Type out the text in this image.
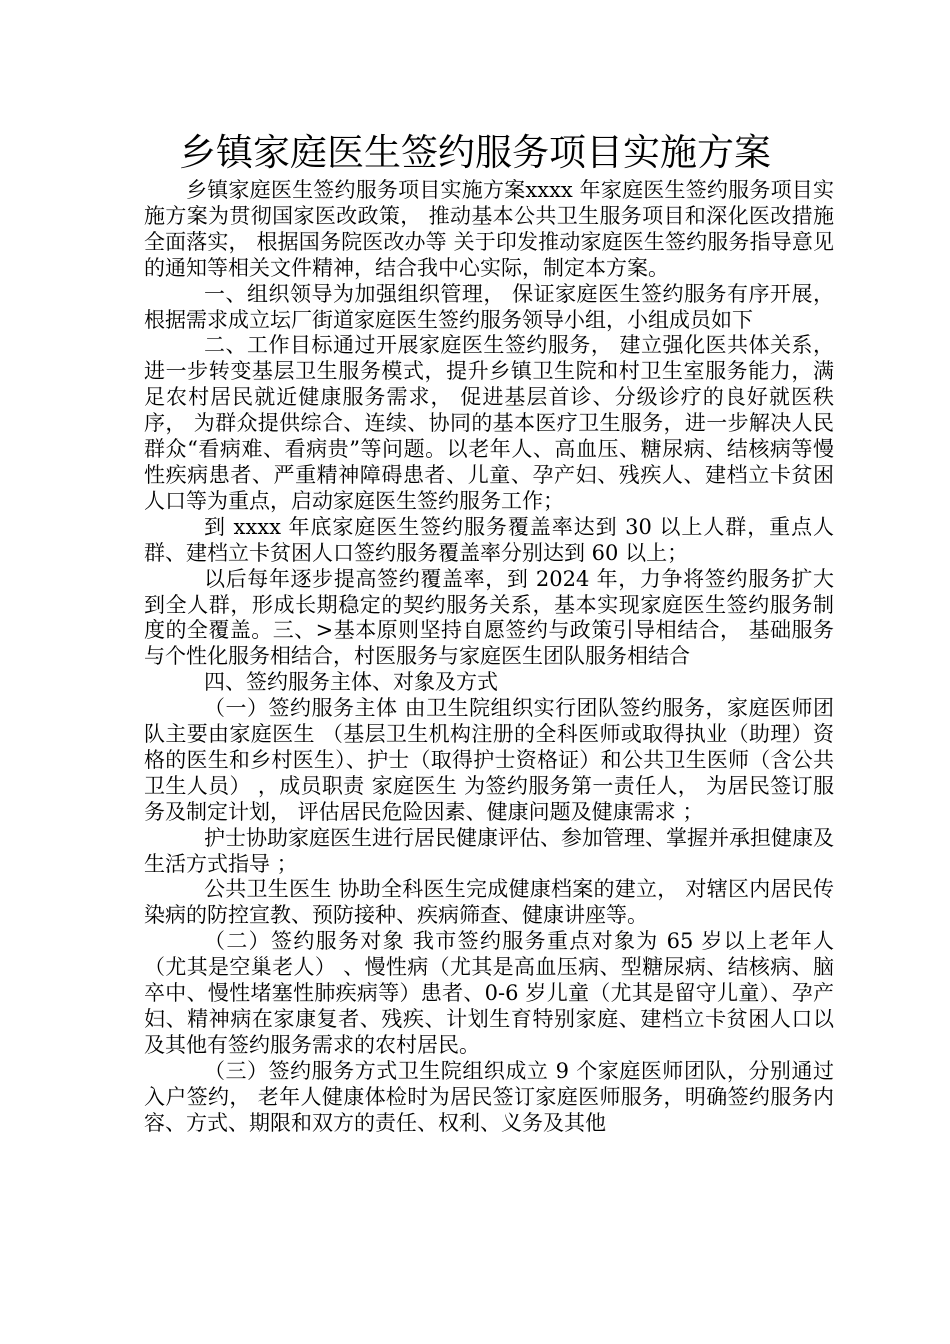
乡镇家庭医生签约服务项目实施方案

乡镇家庭医生签约服务项目实施方案xxxx 年家庭医生签约服务项目实施方案为贯彻国家医改政策， 推动基本公共卫生服务项目和深化医改措施全面落实， 根据国务院医改办等 关于印发推动家庭医生签约服务指导意见的通知等相关文件精神，结合我中心实际，制定本方案。

一、组织领导为加强组织管理， 保证家庭医生签约服务有序开展， 根据需求成立坛厂街道家庭医生签约服务领导小组，小组成员如下

二、工作目标通过开展家庭医生签约服务， 建立强化医共体关系， 进一步转变基层卫生服务模式，提升乡镇卫生院和村卫生室服务能力，满足农村居民就近健康服务需求， 促进基层首诊、分级诊疗的良好就医秩序， 为群众提供综合、连续、协同的基本医疗卫生服务，进一步解决人民群众“看病难、看病贵”等问题。以老年人、高血压、糖尿病、结核病等慢性疾病患者、严重精神障碍患者、儿童、孕产妇、残疾人、建档立卡贫困人口等为重点，启动家庭医生签约服务工作；

到 xxxx 年底家庭医生签约服务覆盖率达到 30 以上人群，重点人群、建档立卡贫困人口签约服务覆盖率分别达到 60 以上；

以后每年逐步提高签约覆盖率，到 2024 年，力争将签约服务扩大到全人群，形成长期稳定的契约服务关系，基本实现家庭医生签约服务制度的全覆盖。三、>基本原则坚持自愿签约与政策引导相结合， 基础服务与个性化服务相结合，村医服务与家庭医生团队服务相结合

四、签约服务主体、对象及方式

（一）签约服务主体 由卫生院组织实行团队签约服务，家庭医师团队主要由家庭医生 （基层卫生机构注册的全科医师或取得执业（助理）资格的医生和乡村医生）、护士（取得护士资格证）和公共卫生医师（含公共卫生人员） ，成员职责 家庭医生 为签约服务第一责任人， 为居民签订服务及制定计划， 评估居民危险因素、健康问题及健康需求 ；

护士协助家庭医生进行居民健康评估、参加管理、掌握并承担健康及生活方式指导 ；

公共卫生医生 协助全科医生完成健康档案的建立， 对辖区内居民传染病的防控宣教、预防接种、疾病筛查、健康讲座等。

（二）签约服务对象 我市签约服务重点对象为 65 岁以上老年人（尤其是空巢老人） 、慢性病（尤其是高血压病、型糖尿病、结核病、脑卒中、慢性堵塞性肺疾病等）患者、0-6 岁儿童（尤其是留守儿童）、孕产妇、精神病在家康复者、残疾、计划生育特别家庭、建档立卡贫困人口以及其他有签约服务需求的农村居民。

（三）签约服务方式卫生院组织成立 9 个家庭医师团队，分别通过入户签约， 老年人健康体检时为居民签订家庭医师服务，明确签约服务内容、方式、期限和双方的责任、权利、义务及其他
